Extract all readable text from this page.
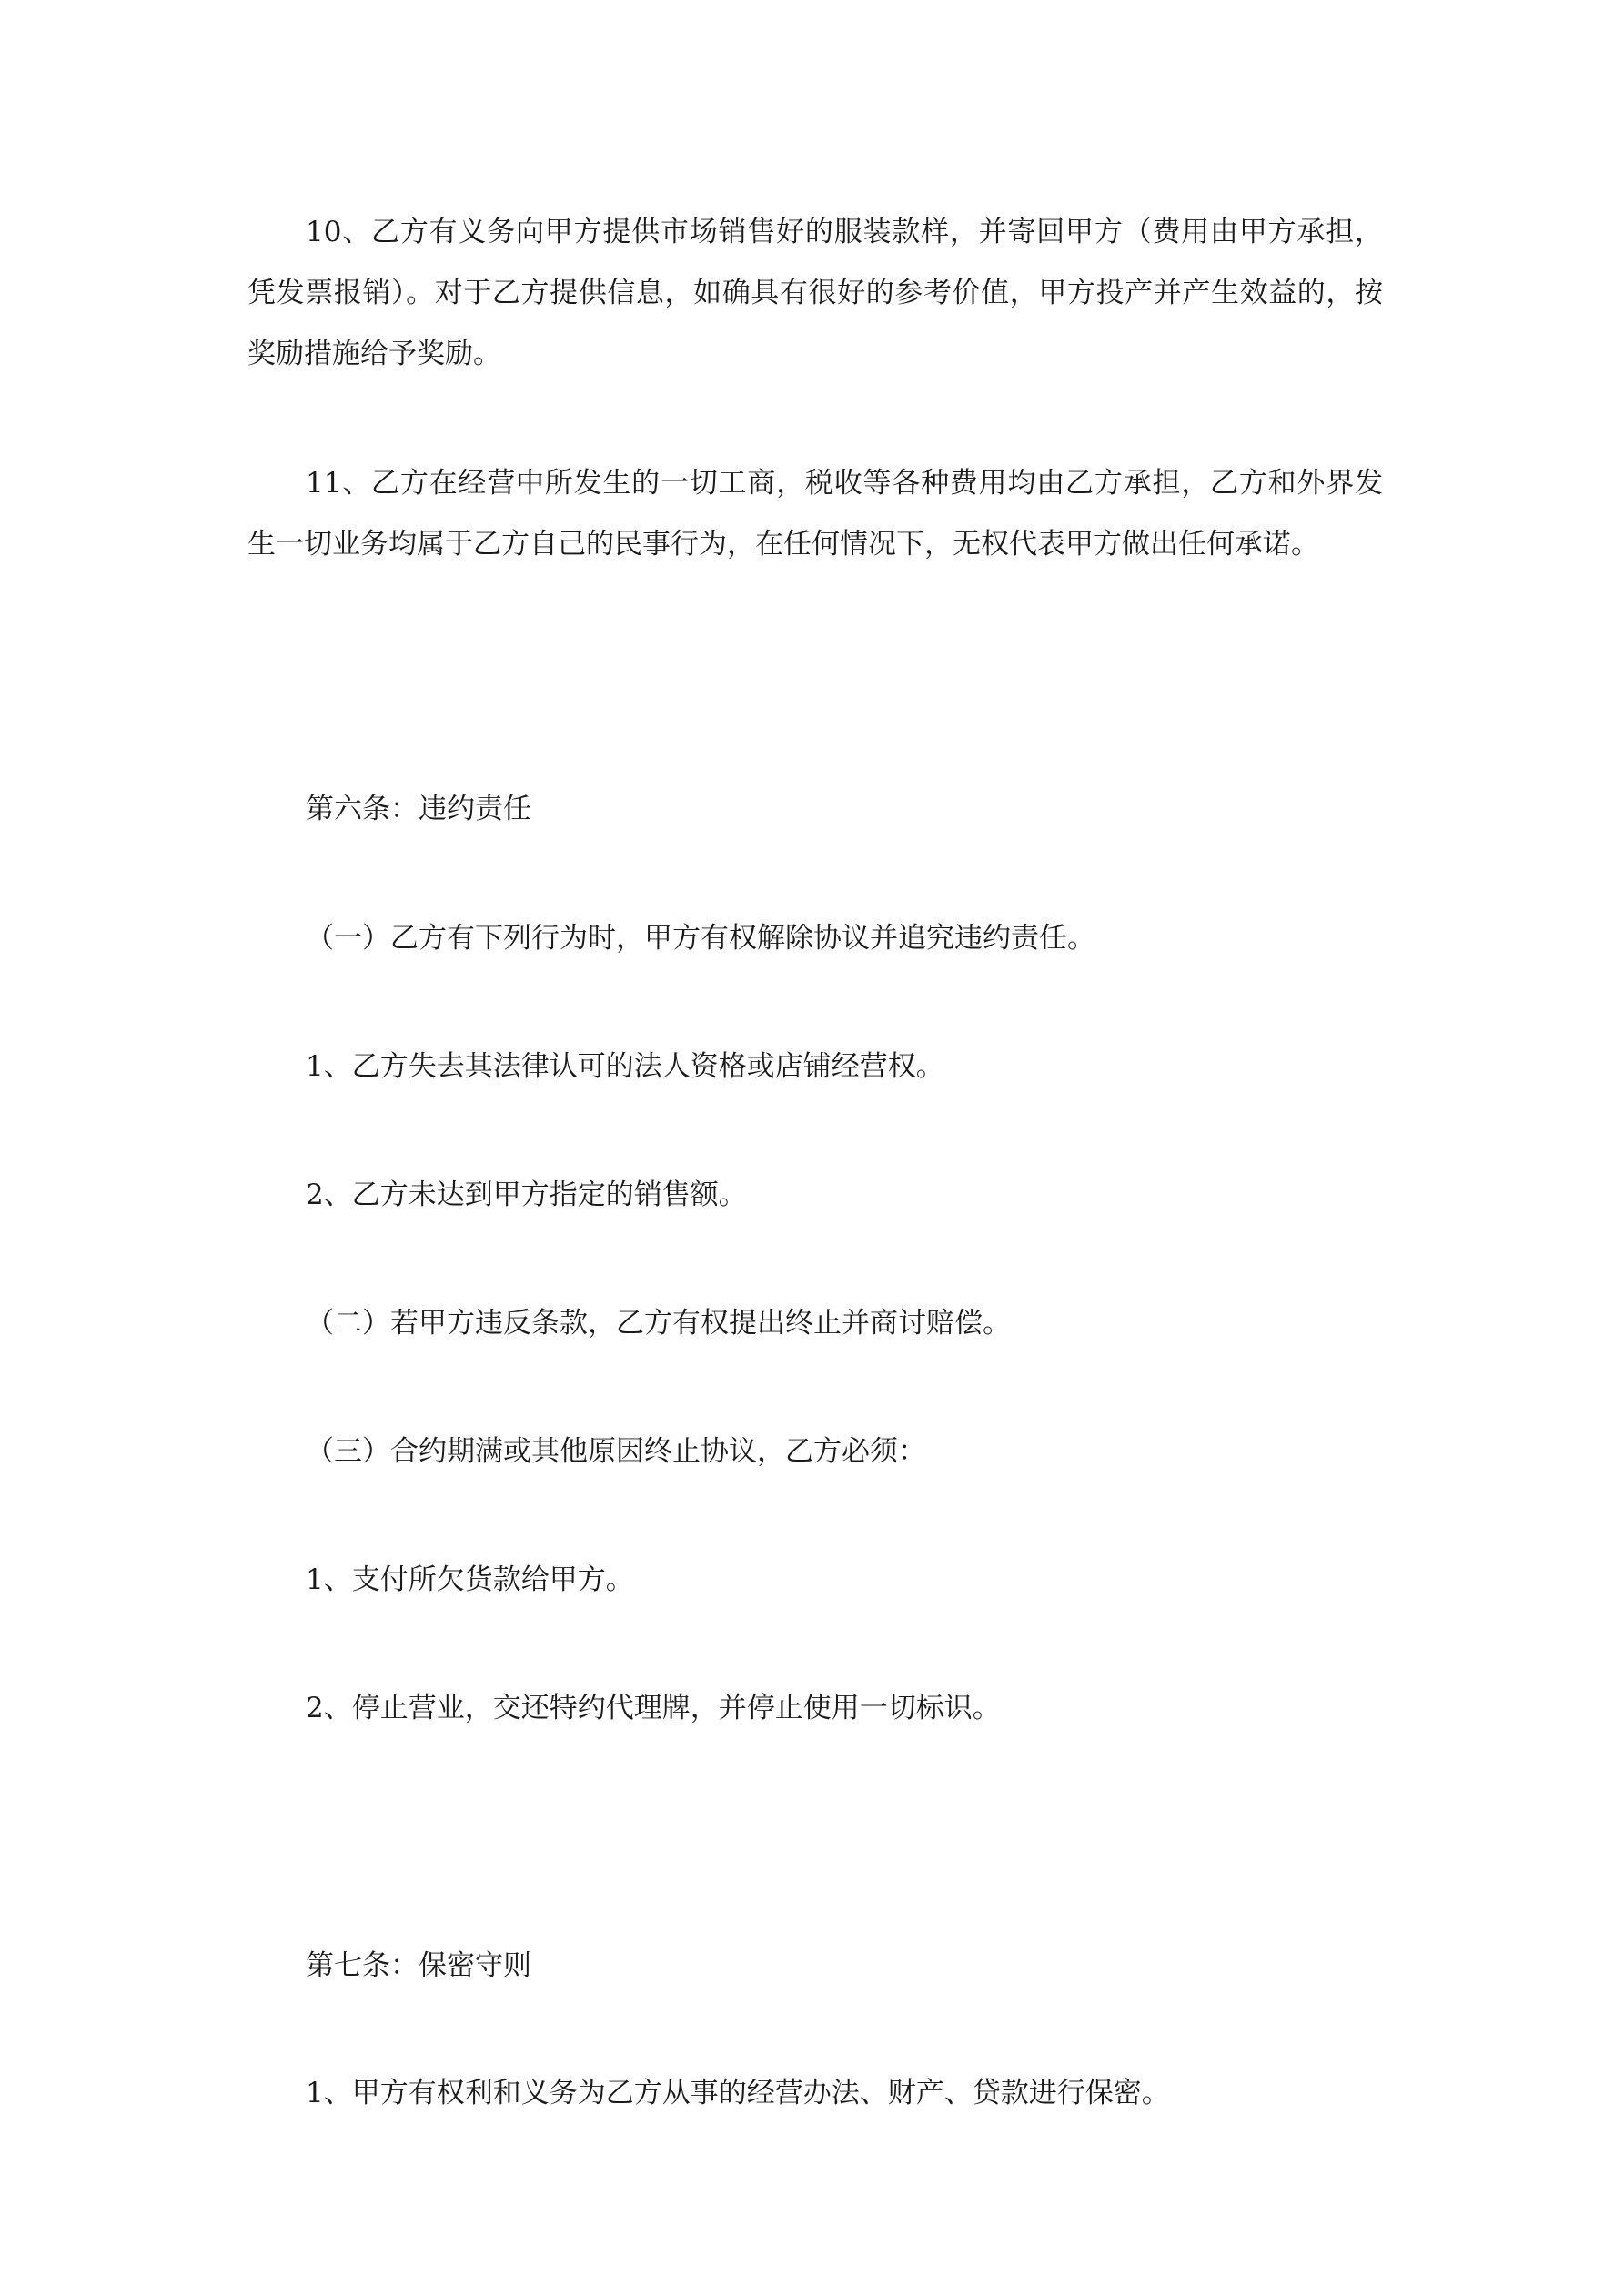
10、乙方有义务向甲方提供市场销售好的服装款样，并寄回甲方（费用由甲方承担，凭发票报销）。对于乙方提供信息，如确具有很好的参考价值，甲方投产并产生效益的，按奖励措施给予奖励。

11、乙方在经营中所发生的一切工商，税收等各种费用均由乙方承担，乙方和外界发生一切业务均属于乙方自己的民事行为，在任何情况下，无权代表甲方做出任何承诺。

第六条：违约责任

（一）乙方有下列行为时，甲方有权解除协议并追究违约责任。

1、乙方失去其法律认可的法人资格或店铺经营权。

2、乙方未达到甲方指定的销售额。

（二）若甲方违反条款，乙方有权提出终止并商讨赔偿。

（三）合约期满或其他原因终止协议，乙方必须：

1、支付所欠货款给甲方。

2、停止营业，交还特约代理牌，并停止使用一切标识。

第七条：保密守则

1、甲方有权利和义务为乙方从事的经营办法、财产、贷款进行保密。
